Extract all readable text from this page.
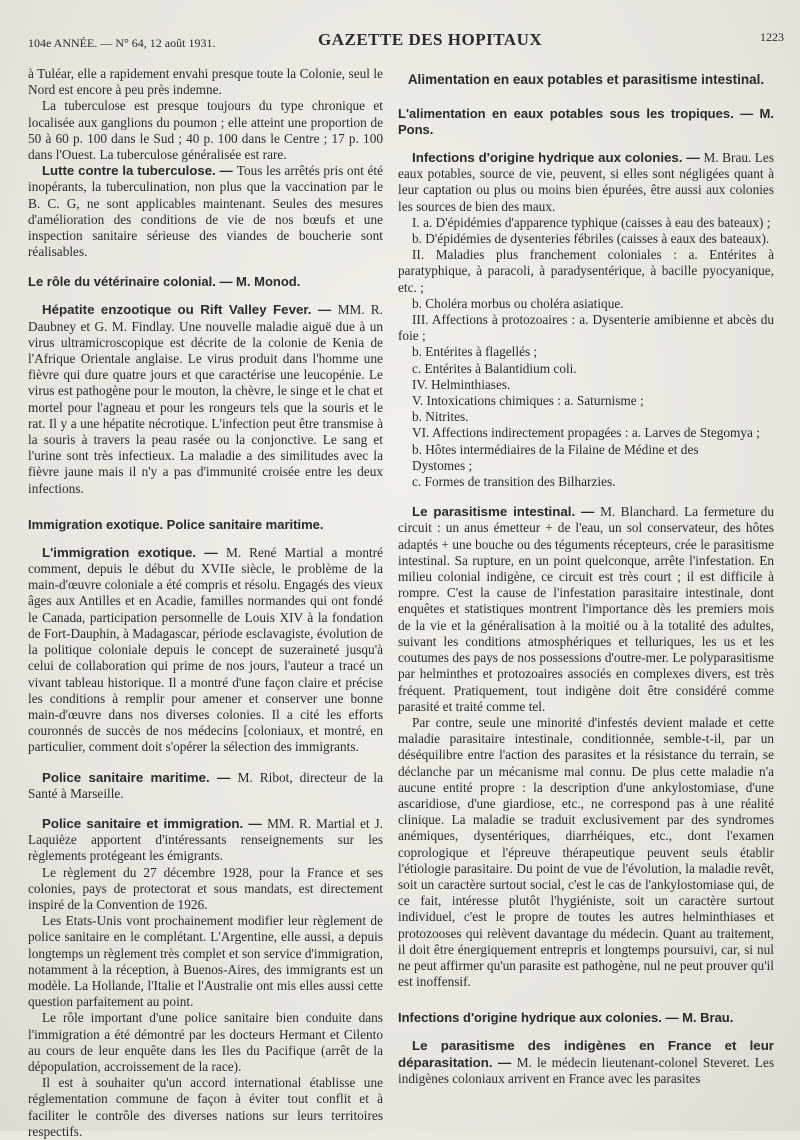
104e ANNÉE. — N° 64, 12 août 1931.	GAZETTE DES HOPITAUX	1223

à Tuléar, elle a rapidement envahi presque toute la Colonie, seul le Nord est encore à peu près indemne.

La tuberculose est presque toujours du type chronique et localisée aux ganglions du poumon ; elle atteint une proportion de 50 à 60 p. 100 dans le Sud ; 40 p. 100 dans le Centre ; 17 p. 100 dans l'Ouest. La tuberculose généralisée est rare.

Lutte contre la tuberculose. — Tous les arrêtés pris ont été inopérants, la tuberculination, non plus que la vaccination par le B. C. G, ne sont applicables maintenant. Seules des mesures d'amélioration des conditions de vie de nos bœufs et une inspection sanitaire sérieuse des viandes de boucherie sont réalisables.

Le rôle du vétérinaire colonial. — M. Monod.

Hépatite enzootique ou Rift Valley Fever. — MM. R. Daubney et G. M. Findlay. Une nouvelle maladie aiguë due à un virus ultramicroscopique est décrite de la colonie de Kenia de l'Afrique Orientale anglaise. Le virus produit dans l'homme une fièvre qui dure quatre jours et que caractérise une leucopénie. Le virus est pathogène pour le mouton, la chèvre, le singe et le chat et mortel pour l'agneau et pour les rongeurs tels que la souris et le rat. Il y a une hépatite nécrotique. L'infection peut être transmise à la souris à travers la peau rasée ou la conjonctive. Le sang et l'urine sont très infectieux. La maladie a des similitudes avec la fièvre jaune mais il n'y a pas d'immunité croisée entre les deux infections.

Immigration exotique. Police sanitaire maritime.

L'immigration exotique. — M. René Martial a montré comment, depuis le début du XVIIe siècle, le problème de la main-d'œuvre coloniale a été compris et résolu. Engagés des vieux âges aux Antilles et en Acadie, familles normandes qui ont fondé le Canada, participation personnelle de Louis XIV à la fondation de Fort-Dauphin, à Madagascar, période esclavagiste, évolution de la politique coloniale depuis le concept de suzeraineté jusqu'à celui de collaboration qui prime de nos jours, l'auteur a tracé un vivant tableau historique. Il a montré d'une façon claire et précise les conditions à remplir pour amener et conserver une bonne main-d'œuvre dans nos diverses colonies. Il a cité les efforts couronnés de succès de nos médecins [coloniaux, et montré, en particulier, comment doit s'opérer la sélection des immigrants.

Police sanitaire maritime. — M. Ribot, directeur de la Santé à Marseille.

Police sanitaire et immigration. — MM. R. Martial et J. Laquièze apportent d'intéressants renseignements sur les règlements protégeant les émigrants.

Le règlement du 27 décembre 1928, pour la France et ses colonies, pays de protectorat et sous mandats, est directement inspiré de la Convention de 1926.

Les Etats-Unis vont prochainement modifier leur règlement de police sanitaire en le complétant. L'Argentine, elle aussi, a depuis longtemps un règlement très complet et son service d'immigration, notamment à la réception, à Buenos-Aires, des immigrants est un modèle. La Hollande, l'Italie et l'Australie ont mis elles aussi cette question parfaitement au point.

Le rôle important d'une police sanitaire bien conduite dans l'immigration a été démontré par les docteurs Hermant et Cilento au cours de leur enquête dans les Iles du Pacifique (arrêt de la dépopulation, accroissement de la race).

Il est à souhaiter qu'un accord international établisse une réglementation commune de façon à éviter tout conflit et à faciliter le contrôle des diverses nations sur leurs territoires respectifs.

Alimentation en eaux potables et parasitisme intestinal.
L'alimentation en eaux potables sous les tropiques. — M. Pons.

Infections d'origine hydrique aux colonies. — M. Brau. Les eaux potables, source de vie, peuvent, si elles sont négligées quant à leur captation ou plus ou moins bien épurées, être aussi aux colonies les sources de bien des maux.

I. a. D'épidémies d'apparence typhique (caisses à eau des bateaux) ;

b. D'épidémies de dysenteries fébriles (caisses à eaux des bateaux).

II. Maladies plus franchement coloniales : a. Entérites à paratyphique, à paracoli, à paradysentérique, à bacille pyocyanique, etc. ;

b. Choléra morbus ou choléra asiatique.

III. Affections à protozoaires : a. Dysenterie amibienne et abcès du foie ;

b. Entérites à flagellés ;

c. Entérites à Balantidium coli.

IV. Helminthiases.

V. Intoxications chimiques : a. Saturnisme ;

b. Nitrites.

VI. Affections indirectement propagées : a. Larves de Stegomya ;

b. Hôtes intermédiaires de la Filaine de Médine et des

Dystomes ;

c. Formes de transition des Bilharzies.

Le parasitisme intestinal. — M. Blanchard. La fermeture du circuit : un anus émetteur + de l'eau, un sol conservateur, des hôtes adaptés + une bouche ou des téguments récepteurs, crée le parasitisme intestinal. Sa rupture, en un point quelconque, arrête l'infestation. En milieu colonial indigène, ce circuit est très court ; il est difficile à rompre. C'est la cause de l'infestation parasitaire intestinale, dont enquêtes et statistiques montrent l'importance dès les premiers mois de la vie et la généralisation à la moitié ou à la totalité des adultes, suivant les conditions atmosphériques et telluriques, les us et les coutumes des pays de nos possessions d'outre-mer. Le polyparasitisme par helminthes et protozoaires associés en complexes divers, est très fréquent. Pratiquement, tout indigène doit être considéré comme parasité et traité comme tel.

Par contre, seule une minorité d'infestés devient malade et cette maladie parasitaire intestinale, conditionnée, semble-t-il, par un déséquilibre entre l'action des parasites et la résistance du terrain, se déclanche par un mécanisme mal connu. De plus cette maladie n'a aucune entité propre : la description d'une ankylostomiase, d'une ascaridiose, d'une giardiose, etc., ne correspond pas à une réalité clinique. La maladie se traduit exclusivement par des syndromes anémiques, dysentériques, diarrhéiques, etc., dont l'examen coprologique et l'épreuve thérapeutique peuvent seuls établir l'étiologie parasitaire. Du point de vue de l'évolution, la maladie revêt, soit un caractère surtout social, c'est le cas de l'ankylostomiase qui, de ce fait, intéresse plutôt l'hygiéniste, soit un caractère surtout individuel, c'est le propre de toutes les autres helminthiases et protozooses qui relèvent davantage du médecin. Quant au traitement, il doit être énergiquement entrepris et longtemps poursuivi, car, si nul ne peut affirmer qu'un parasite est pathogène, nul ne peut prouver qu'il est inoffensif.

Infections d'origine hydrique aux colonies. — M. Brau.

Le parasitisme des indigènes en France et leur déparasitation. — M. le médecin lieutenant-colonel Steveret. Les indigènes coloniaux arrivent en France avec les parasites
